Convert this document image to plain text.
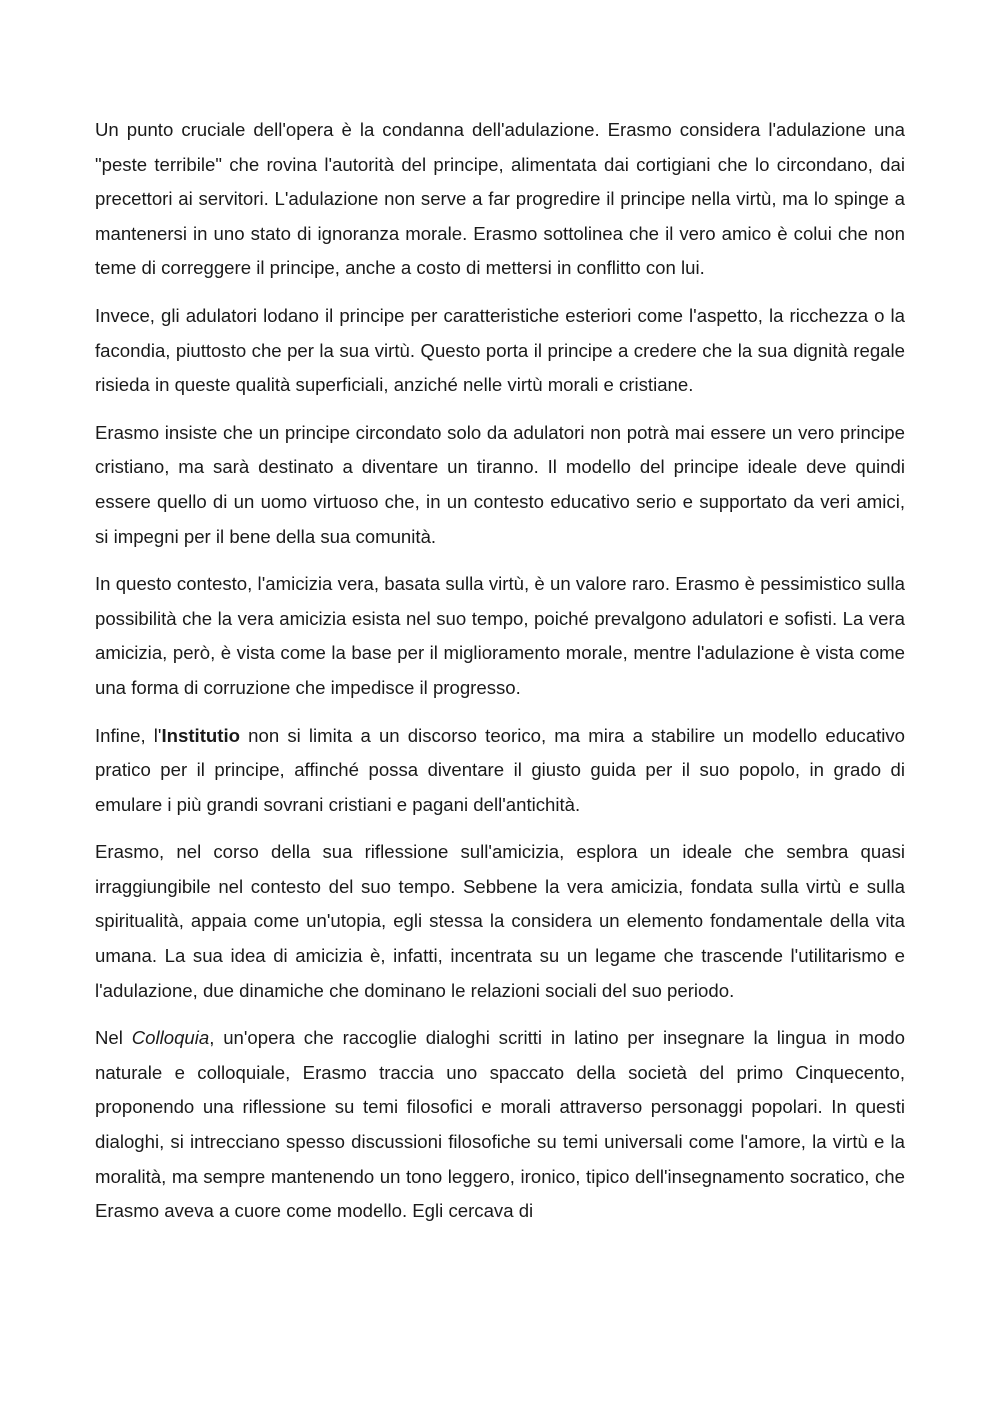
Un punto cruciale dell'opera è la condanna dell'adulazione. Erasmo considera l'adulazione una "peste terribile" che rovina l'autorità del principe, alimentata dai cortigiani che lo circondano, dai precettori ai servitori. L'adulazione non serve a far progredire il principe nella virtù, ma lo spinge a mantenersi in uno stato di ignoranza morale. Erasmo sottolinea che il vero amico è colui che non teme di correggere il principe, anche a costo di mettersi in conflitto con lui.

Invece, gli adulatori lodano il principe per caratteristiche esteriori come l'aspetto, la ricchezza o la facondia, piuttosto che per la sua virtù. Questo porta il principe a credere che la sua dignità regale risieda in queste qualità superficiali, anziché nelle virtù morali e cristiane.

Erasmo insiste che un principe circondato solo da adulatori non potrà mai essere un vero principe cristiano, ma sarà destinato a diventare un tiranno. Il modello del principe ideale deve quindi essere quello di un uomo virtuoso che, in un contesto educativo serio e supportato da veri amici, si impegni per il bene della sua comunità.

In questo contesto, l'amicizia vera, basata sulla virtù, è un valore raro. Erasmo è pessimistico sulla possibilità che la vera amicizia esista nel suo tempo, poiché prevalgono adulatori e sofisti. La vera amicizia, però, è vista come la base per il miglioramento morale, mentre l'adulazione è vista come una forma di corruzione che impedisce il progresso.

Infine, l'Institutio non si limita a un discorso teorico, ma mira a stabilire un modello educativo pratico per il principe, affinché possa diventare il giusto guida per il suo popolo, in grado di emulare i più grandi sovrani cristiani e pagani dell'antichità.

Erasmo, nel corso della sua riflessione sull'amicizia, esplora un ideale che sembra quasi irraggiungibile nel contesto del suo tempo. Sebbene la vera amicizia, fondata sulla virtù e sulla spiritualità, appaia come un'utopia, egli stessa la considera un elemento fondamentale della vita umana. La sua idea di amicizia è, infatti, incentrata su un legame che trascende l'utilitarismo e l'adulazione, due dinamiche che dominano le relazioni sociali del suo periodo.

Nel Colloquia, un'opera che raccoglie dialoghi scritti in latino per insegnare la lingua in modo naturale e colloquiale, Erasmo traccia uno spaccato della società del primo Cinquecento, proponendo una riflessione su temi filosofici e morali attraverso personaggi popolari. In questi dialoghi, si intrecciano spesso discussioni filosofiche su temi universali come l'amore, la virtù e la moralità, ma sempre mantenendo un tono leggero, ironico, tipico dell'insegnamento socratico, che Erasmo aveva a cuore come modello. Egli cercava di
